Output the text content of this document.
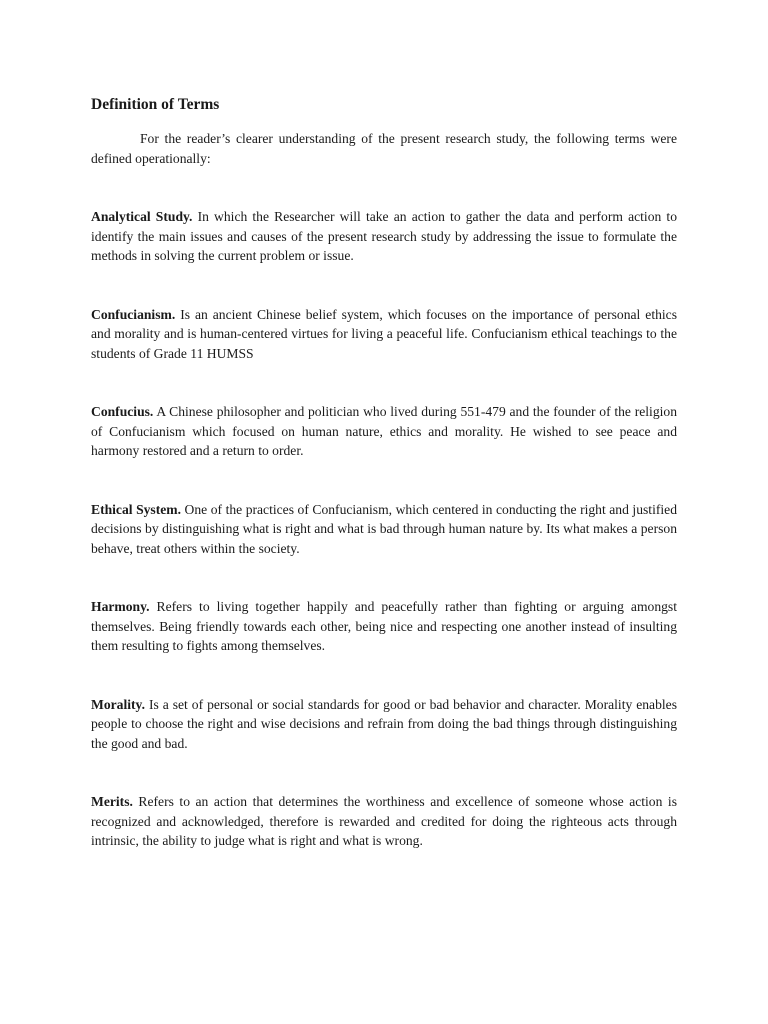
Definition of Terms

For the reader’s clearer understanding of the present research study, the following terms were defined operationally:

Analytical Study. In which the Researcher will take an action to gather the data and perform action to identify the main issues and causes of the present research study by addressing the issue to formulate the methods in solving the current problem or issue.

Confucianism. Is an ancient Chinese belief system, which focuses on the importance of personal ethics and morality and is human-centered virtues for living a peaceful life. Confucianism ethical teachings to the students of Grade 11 HUMSS

Confucius. A Chinese philosopher and politician who lived during 551-479 and the founder of the religion of Confucianism which focused on human nature, ethics and morality. He wished to see peace and harmony restored and a return to order.

Ethical System. One of the practices of Confucianism, which centered in conducting the right and justified decisions by distinguishing what is right and what is bad through human nature by. Its what makes a person behave, treat others within the society.

Harmony. Refers to living together happily and peacefully rather than fighting or arguing amongst themselves. Being friendly towards each other, being nice and respecting one another instead of insulting them resulting to fights among themselves.

Morality. Is a set of personal or social standards for good or bad behavior and character. Morality enables people to choose the right and wise decisions and refrain from doing the bad things through distinguishing the good and bad.

Merits. Refers to an action that determines the worthiness and excellence of someone whose action is recognized and acknowledged, therefore is rewarded and credited for doing the righteous acts through intrinsic, the ability to judge what is right and what is wrong.
